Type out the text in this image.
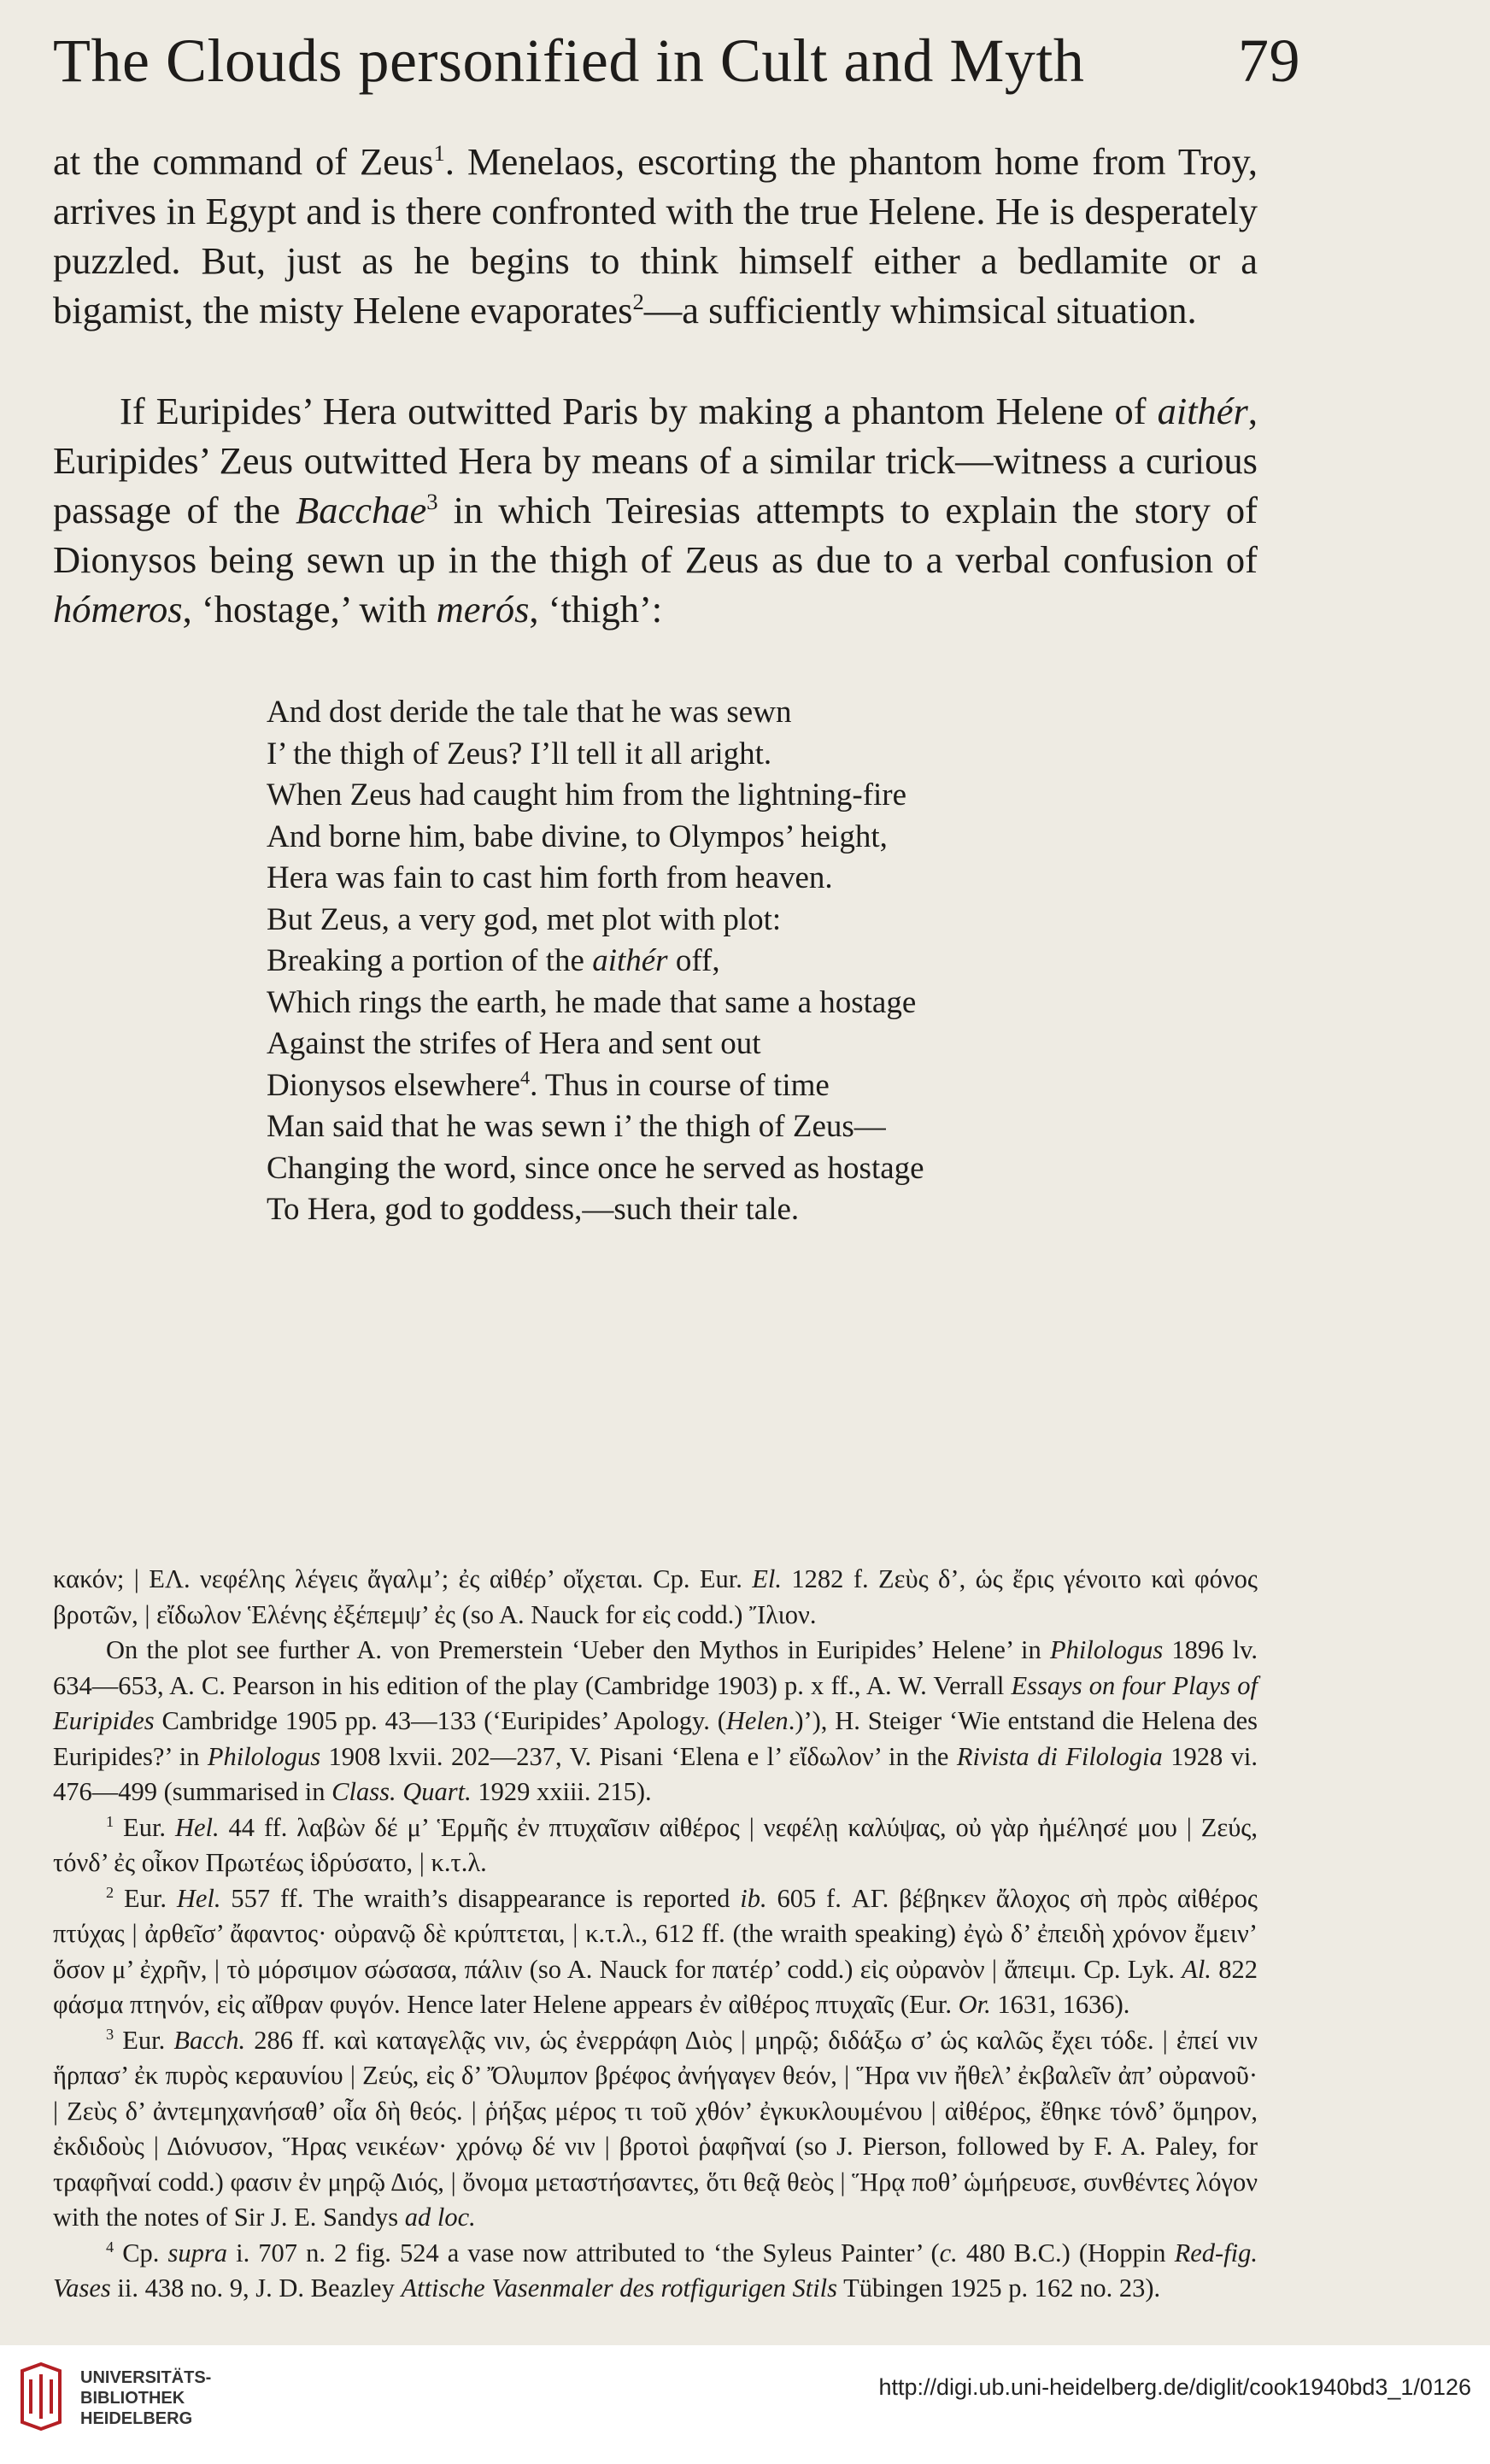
The Clouds personified in Cult and Myth 79

at the command of Zeus$^1$. Menelaos, escorting the phantom home from Troy, arrives in Egypt and is there confronted with the true Helene. He is desperately puzzled. But, just as he begins to think himself either a bedlamite or a bigamist, the misty Helene evaporates$^2$—a sufficiently whimsical situation.

If Euripides’ Hera outwitted Paris by making a phantom Helene of aithér, Euripides’ Zeus outwitted Hera by means of a similar trick—witness a curious passage of the Bacchae$^3$ in which Teiresias attempts to explain the story of Dionysos being sewn up in the thigh of Zeus as due to a verbal confusion of hómeros, ‘hostage,’ with merós, ‘thigh’:

And dost deride the tale that he was sewn
I’ the thigh of Zeus? I’ll tell it all aright.
When Zeus had caught him from the lightning-fire
And borne him, babe divine, to Olympos’ height,
Hera was fain to cast him forth from heaven.
But Zeus, a very god, met plot with plot:
Breaking a portion of the aithér off,
Which rings the earth, he made that same a hostage
Against the strifes of Hera and sent out
Dionysos elsewhere$^4$. Thus in course of time
Man said that he was sewn i’ the thigh of Zeus—
Changing the word, since once he served as hostage
To Hera, god to goddess,—such their tale.

κακόν; | ΕΛ. νεφέλης λέγεις ἄγαλμ’; ἐς αἰθέρ’ οἴχεται. Cp. Eur. El. 1282 f. Ζεὺς δ’, ὡς ἔρις γένοιτο καὶ φόνος βροτῶν, | εἴδωλον Ἑλένης ἐξέπεμψ’ ἐς (so A. Nauck for εἰς codd.) Ἴλιον.

On the plot see further A. von Premerstein ‘Ueber den Mythos in Euripides’ Helene’ in Philologus 1896 lv. 634—653, A. C. Pearson in his edition of the play (Cambridge 1903) p. x ff., A. W. Verrall Essays on four Plays of Euripides Cambridge 1905 pp. 43—133 (‘Euripides’ Apology. (Helen.)’), H. Steiger ‘Wie entstand die Helena des Euripides?’ in Philologus 1908 lxvii. 202—237, V. Pisani ‘Elena e l’ εἴδωλον’ in the Rivista di Filologia 1928 vi. 476—499 (summarised in Class. Quart. 1929 xxiii. 215).

$^1$ Eur. Hel. 44 ff. λαβὼν δέ μ’ Ἑρμῆς ἐν πτυχαῖσιν αἰθέρος | νεφέλῃ καλύψας, οὐ γὰρ ἠμέλησέ μου | Ζεύς, τόνδ’ ἐς οἶκον Πρωτέως ἱδρύσατο, | κ.τ.λ.

$^2$ Eur. Hel. 557 ff. The wraith’s disappearance is reported ib. 605 f. ΑΓ. βέβηκεν ἄλοχος σὴ πρὸς αἰθέρος πτύχας | ἀρθεῖσ’ ἄφαντος· οὐρανῷ δὲ κρύπτεται, | κ.τ.λ., 612 ff. (the wraith speaking) ἐγὼ δ’ ἐπειδὴ χρόνον ἔμειν’ ὅσον μ’ ἐχρῆν, | τὸ μόρσιμον σώσασα, πάλιν (so A. Nauck for πατέρ’ codd.) εἰς οὐρανὸν | ἄπειμι. Cp. Lyk. Al. 822 φάσμα πτηνόν, εἰς αἴθραν φυγόν. Hence later Helene appears ἐν αἰθέρος πτυχαῖς (Eur. Or. 1631, 1636).

$^3$ Eur. Bacch. 286 ff. καὶ καταγελᾷς νιν, ὡς ἐνερράφη Διὸς | μηρῷ; διδάξω σ’ ὡς καλῶς ἔχει τόδε. | ἐπεί νιν ἥρπασ’ ἐκ πυρὸς κεραυνίου | Ζεύς, εἰς δ’ Ὄλυμπον βρέφος ἀνήγαγεν θεόν, | Ἥρα νιν ἤθελ’ ἐκβαλεῖν ἀπ’ οὐρανοῦ· | Ζεὺς δ’ ἀντεμηχανήσαθ’ οἷα δὴ θεός. | ῥήξας μέρος τι τοῦ χθόν’ ἐγκυκλουμένου | αἰθέρος, ἔθηκε τόνδ’ ὅμηρον, ἐκδιδοὺς | Διόνυσον, Ἥρας νεικέων· χρόνῳ δέ νιν | βροτοὶ ῥαφῆναί (so J. Pierson, followed by F. A. Paley, for τραφῆναί codd.) φασιν ἐν μηρῷ Διός, | ὄνομα μεταστήσαντες, ὅτι θεᾷ θεὸς | Ἥρᾳ ποθ’ ὡμήρευσε, συνθέντες λόγον with the notes of Sir J. E. Sandys ad loc.

$^4$ Cp. supra i. 707 n. 2 fig. 524 a vase now attributed to ‘the Syleus Painter’ (c. 480 B.C.) (Hoppin Red-fig. Vases ii. 438 no. 9, J. D. Beazley Attische Vasenmaler des rotfigurigen Stils Tübingen 1925 p. 162 no. 23).

UNIVERSITÄTS-
BIBLIOTHEK
HEIDELBERG
http://digi.ub.uni-heidelberg.de/diglit/cook1940bd3_1/0126
